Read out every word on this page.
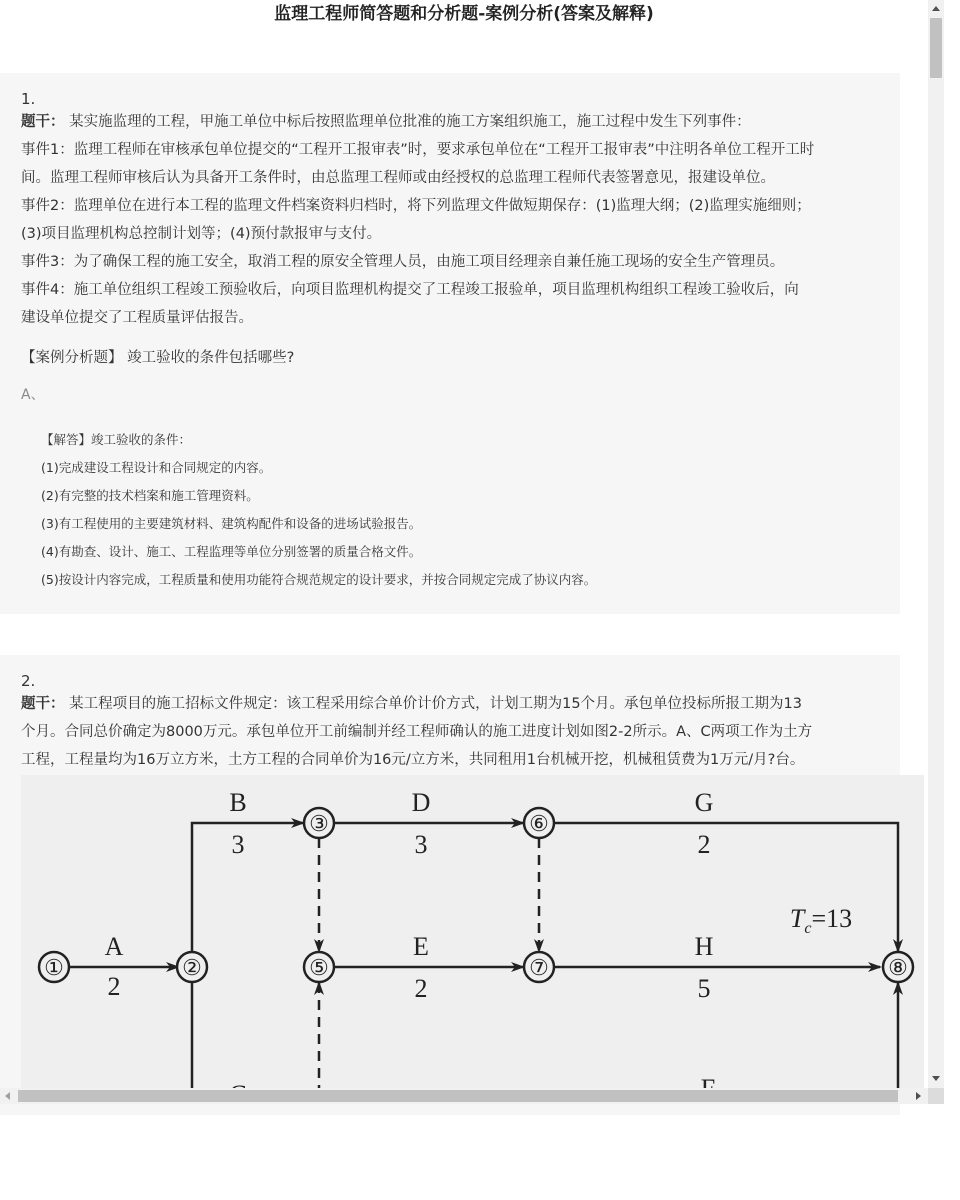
监理工程师简答题和分析题-案例分析(答案及解释)
1.
题干： 某实施监理的工程，甲施工单位中标后按照监理单位批准的施工方案组织施工，施工过程中发生下列事件：
事件1：监理工程师在审核承包单位提交的“工程开工报审表”时，要求承包单位在“工程开工报审表”中注明各单位工程开工时
间。监理工程师审核后认为具备开工条件时，由总监理工程师或由经授权的总监理工程师代表签署意见，报建设单位。
事件2：监理单位在进行本工程的监理文件档案资料归档时，将下列监理文件做短期保存：(1)监理大纲；(2)监理实施细则；
(3)项目监理机构总控制计划等；(4)预付款报审与支付。
事件3：为了确保工程的施工安全，取消工程的原安全管理人员，由施工项目经理亲自兼任施工现场的安全生产管理员。
事件4：施工单位组织工程竣工预验收后，向项目监理机构提交了工程竣工报验单，项目监理机构组织工程竣工验收后，向
建设单位提交了工程质量评估报告。
【案例分析题】 竣工验收的条件包括哪些?
A、
【解答】竣工验收的条件：
(1)完成建设工程设计和合同规定的内容。
(2)有完整的技术档案和施工管理资料。
(3)有工程使用的主要建筑材料、建筑构配件和设备的进场试验报告。
(4)有勘查、设计、施工、工程监理等单位分别签署的质量合格文件。
(5)按设计内容完成，工程质量和使用功能符合规范规定的设计要求，并按合同规定完成了协议内容。
2.
题干： 某工程项目的施工招标文件规定：该工程采用综合单价计价方式，计划工期为15个月。承包单位投标所报工期为13
个月。合同总价确定为8000万元。承包单位开工前编制并经工程师确认的施工进度计划如图2-2所示。A、C两项工作为土方
工程，工程量均为16万立方米，土方工程的合同单价为16元/立方米，共同租用1台机械开挖，机械租赁费为1万元/月?台。
①	②
③
⑤
⑥
⑦	⑧
A
2
B
3
D
3
G
2
E
2
H
5
$T_c=13$
